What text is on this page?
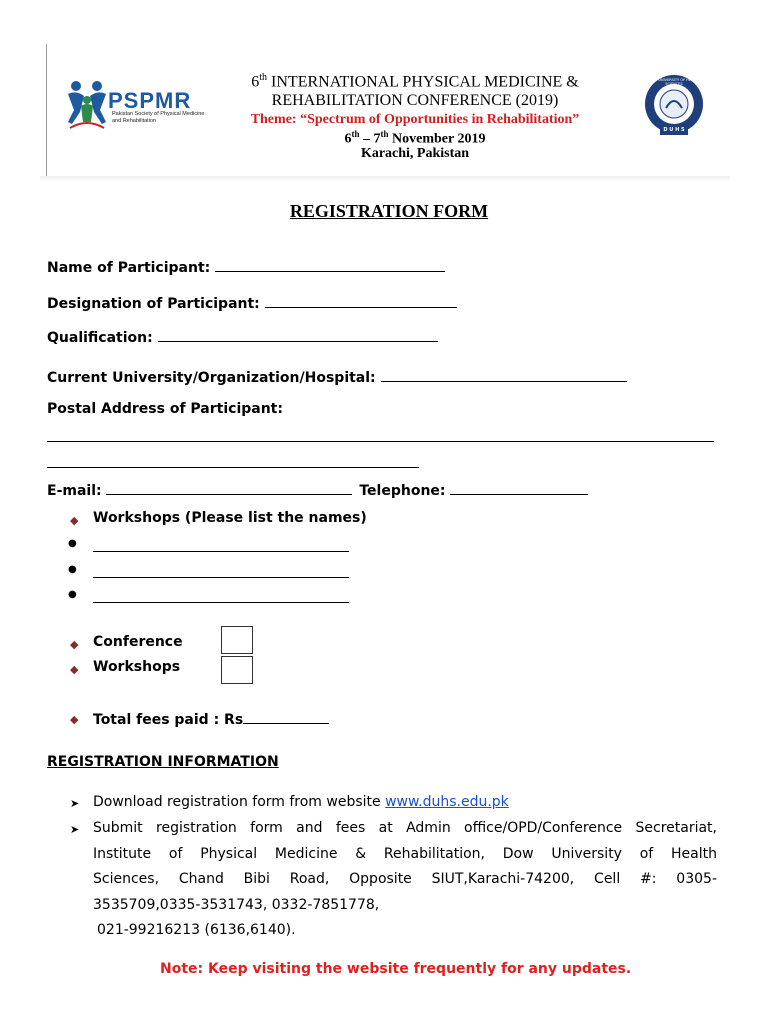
PSPMR
Pakistan Society of Physical Medicine and Rehabilitation
6th INTERNATIONAL PHYSICAL MEDICINE &
REHABILITATION CONFERENCE (2019)
Theme: “Spectrum of Opportunities in Rehabilitation”
6th – 7th November 2019
Karachi, Pakistan
DOW UNIVERSITY OF HEALTH SCIENCES
D U H S
REGISTRATION FORM
Name of Participant:
Designation of Participant:
Qualification:
Current University/Organization/Hospital:
Postal Address of Participant:
E-mail:	Telephone:
◆ Workshops (Please list the names)
●
●
●
◆ Conference
◆ Workshops
◆ Total fees paid : Rs
REGISTRATION INFORMATION
➤ Download registration form from website www.duhs.edu.pk
➤ Submit registration form and fees at Admin office/OPD/Conference Secretariat,
Institute of Physical Medicine & Rehabilitation, Dow University of Health
Sciences, Chand Bibi Road, Opposite SIUT,Karachi-74200, Cell #: 0305-
3535709,0335-3531743, 0332-7851778,
021-99216213 (6136,6140).
Note: Keep visiting the website frequently for any updates.
